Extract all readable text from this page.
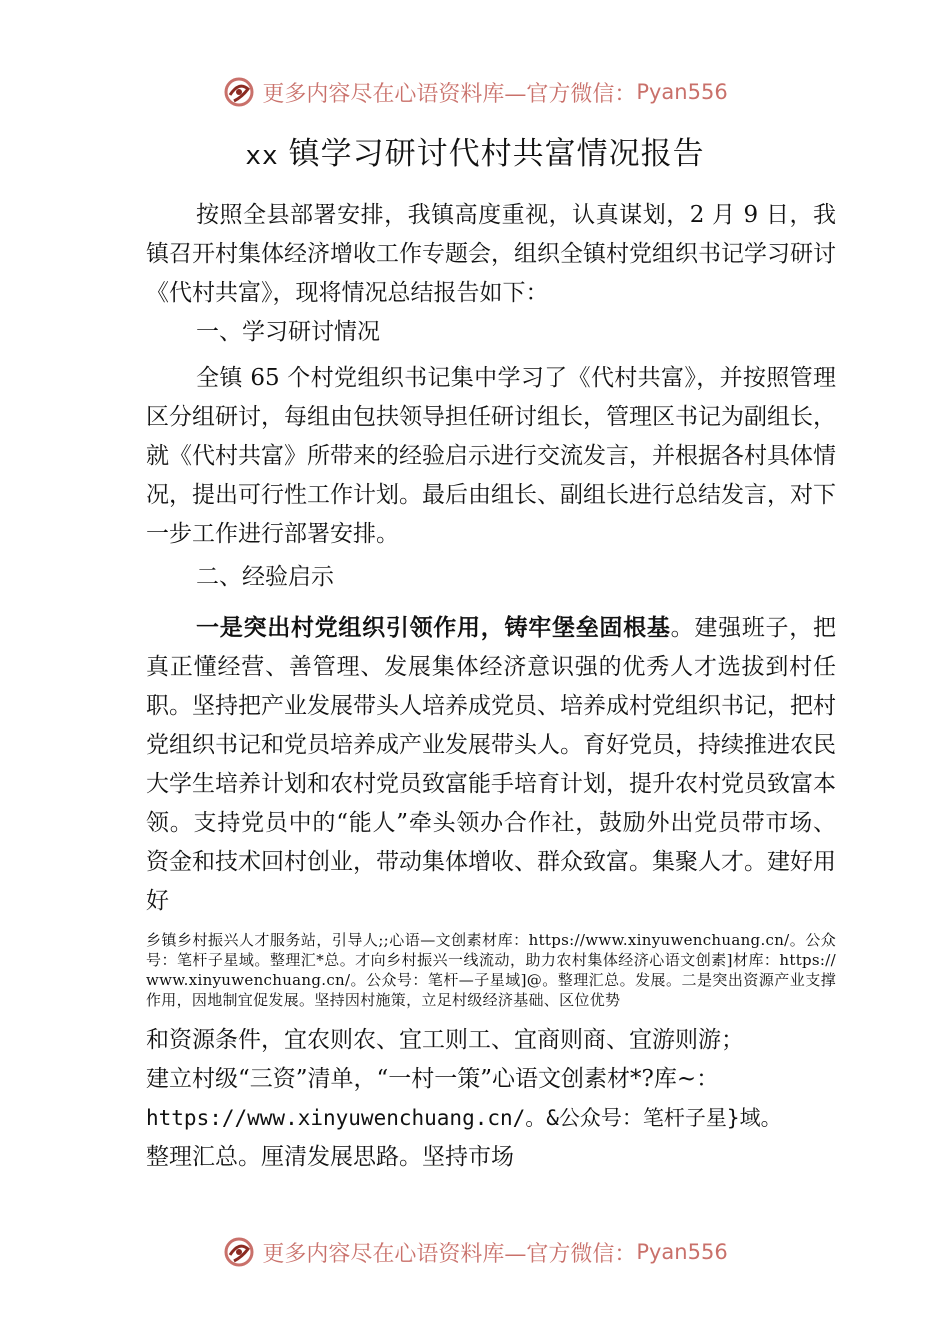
更多内容尽在心语资料库—官方微信： Pyan556
xx 镇学习研讨代村共富情况报告

按照全县部署安排，我镇高度重视，认真谋划，2 月 9 日，我镇召开村集体经济增收工作专题会，组织全镇村党组织书记学习研讨《代村共富》，现将情况总结报告如下：

一、学习研讨情况

全镇 65 个村党组织书记集中学习了《代村共富》，并按照管理区分组研讨，每组由包扶领导担任研讨组长，管理区书记为副组长，就《代村共富》所带来的经验启示进行交流发言，并根据各村具体情况，提出可行性工作计划。最后由组长、副组长进行总结发言，对下一步工作进行部署安排。

二、经验启示

一是突出村党组织引领作用，铸牢堡垒固根基。建强班子，把真正懂经营、善管理、发展集体经济意识强的优秀人才选拔到村任职。坚持把产业发展带头人培养成党员、培养成村党组织书记，把村党组织书记和党员培养成产业发展带头人。育好党员，持续推进农民大学生培养计划和农村党员致富能手培育计划，提升农村党员致富本领。支持党员中的“能人”牵头领办合作社，鼓励外出党员带市场、资金和技术回村创业，带动集体增收、群众致富。集聚人才。建好用好

乡镇乡村振兴人才服务站，引导人;;心语—文创素材库：https://www.xinyuwenchuang.cn/。公众号：笔杆子星域。整理汇*总。才向乡村振兴一线流动，助力农村集体经济心语文创素]材库：https://www.xinyuwenchuang.cn/。公众号：笔杆—子星域]@。整理汇总。发展。二是突出资源产业支撑作用，因地制宜促发展。坚持因村施策，立足村级经济基础、区位优势

和资源条件，宜农则农、宜工则工、宜商则商、宜游则游；

建立村级“三资”清单，“一村一策”心语文创素材*?库~：

https://www.xinyuwenchuang.cn/。&公众号：笔杆子星}域。

整理汇总。厘清发展思路。坚持市场

更多内容尽在心语资料库—官方微信： Pyan556
